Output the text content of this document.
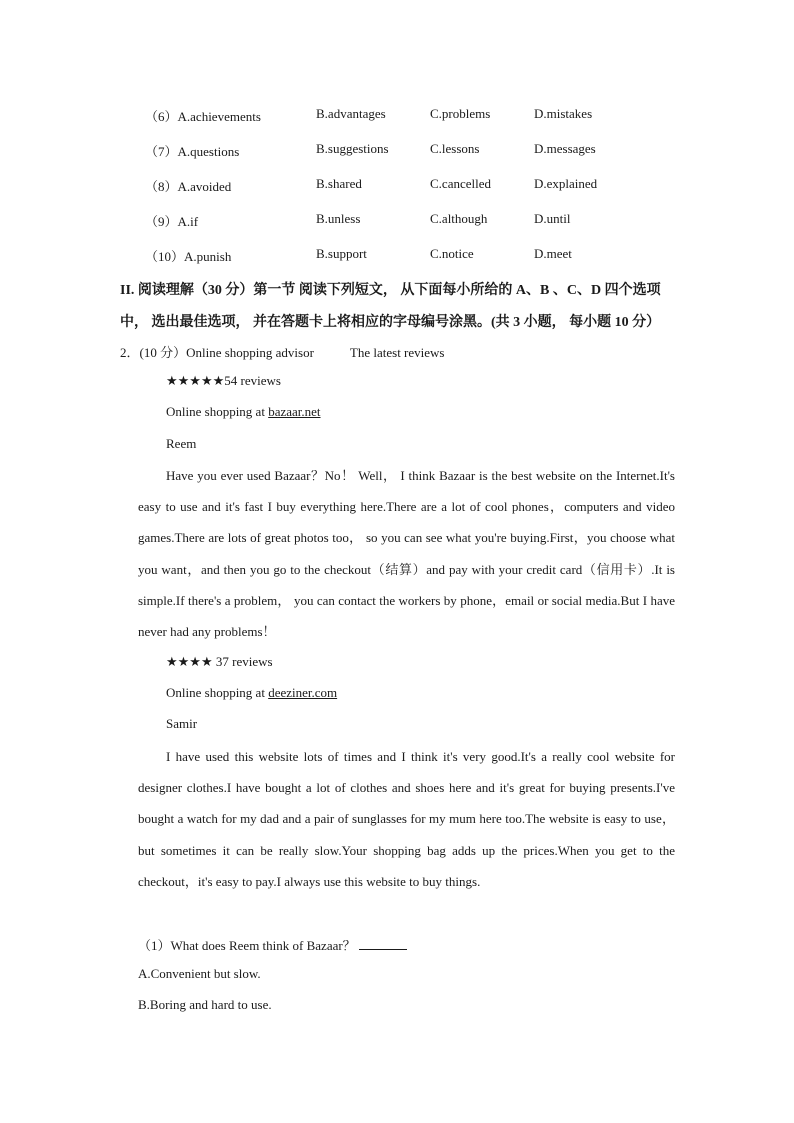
（6）A.achievements	B.advantages	C.problems	D.mistakes
（7）A.questions	B.suggestions	C.lessons	D.messages
（8）A.avoided	B.shared	C.cancelled	D.explained
（9）A.if	B.unless	C.although	D.until
（10）A.punish	B.support	C.notice	D.meet
II. 阅读理解（30 分）第一节 阅读下列短文， 从下面每小所给的 A、B 、C、D 四个选项
中， 选出最佳选项， 并在答题卡上将相应的字母编号涂黑。(共 3 小题， 每小题 10 分）
2．(10 分）Online shopping advisor	The latest reviews
★★★★★54 reviews
Online shopping at bazaar.net
Reem
Have you ever used Bazaar？No！ Well， I think Bazaar is the best website on the Internet.It's easy to use and it's fast I buy everything here.There are a lot of cool phones，computers and video games.There are lots of great photos too， so you can see what you're buying.First，you choose what you want，and then you go to the checkout（结算）and pay with your credit card（信用卡）.It is simple.If there's a problem， you can contact the workers by phone，email or social media.But I have never had any problems！
★★★★ 37 reviews
Online shopping at deeziner.com
Samir
I have used this website lots of times and I think it's very good.It's a really cool website for designer clothes.I have bought a lot of clothes and shoes here and it's great for buying presents.I've bought a watch for my dad and a pair of sunglasses for my mum here too.The website is easy to use，but sometimes it can be really slow.Your shopping bag adds up the prices.When you get to the checkout，it's easy to pay.I always use this website to buy things.
（1）What does Reem think of Bazaar？
A.Convenient but slow.
B.Boring and hard to use.
